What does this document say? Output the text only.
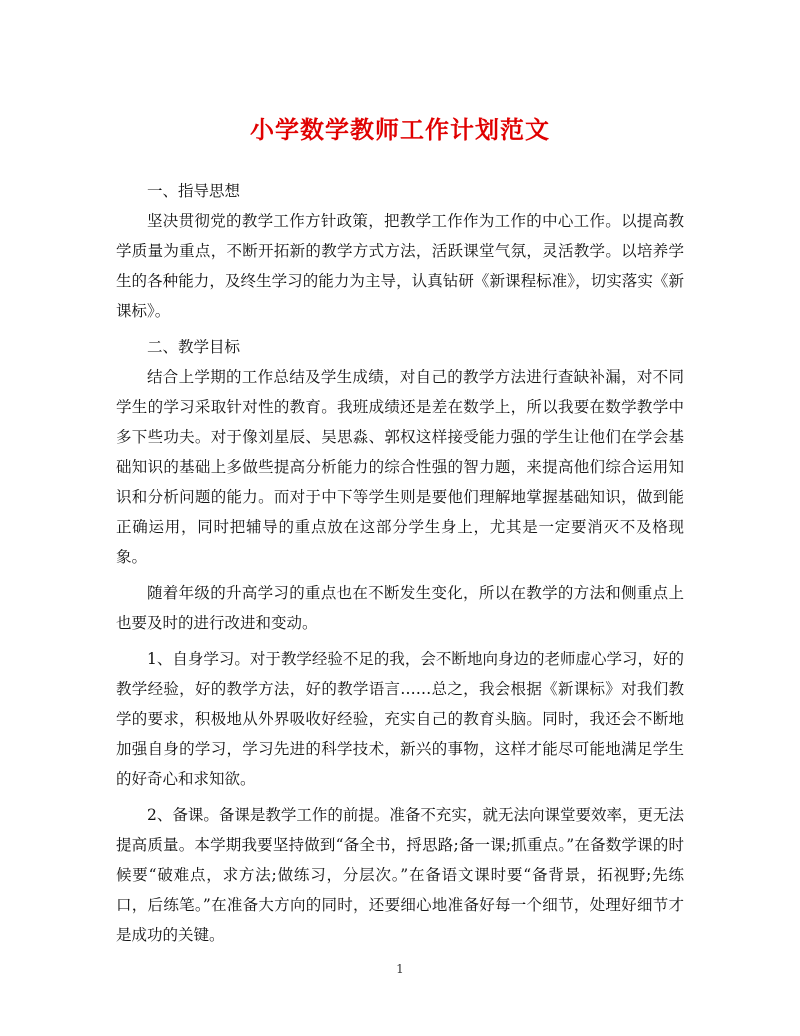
小学数学教师工作计划范文

一、指导思想

坚决贯彻党的教学工作方针政策，把教学工作作为工作的中心工作。以提高教学质量为重点，不断开拓新的教学方式方法，活跃课堂气氛，灵活教学。以培养学生的各种能力，及终生学习的能力为主导，认真钻研《新课程标准》，切实落实《新课标》。

二、教学目标

结合上学期的工作总结及学生成绩，对自己的教学方法进行查缺补漏，对不同学生的学习采取针对性的教育。我班成绩还是差在数学上，所以我要在数学教学中多下些功夫。对于像刘星辰、吴思淼、郭权这样接受能力强的学生让他们在学会基础知识的基础上多做些提高分析能力的综合性强的智力题，来提高他们综合运用知识和分析问题的能力。而对于中下等学生则是要他们理解地掌握基础知识，做到能正确运用，同时把辅导的重点放在这部分学生身上，尤其是一定要消灭不及格现象。

随着年级的升高学习的重点也在不断发生变化，所以在教学的方法和侧重点上也要及时的进行改进和变动。

1、自身学习。对于教学经验不足的我，会不断地向身边的老师虚心学习，好的教学经验，好的教学方法，好的教学语言……总之，我会根据《新课标》对我们教学的要求，积极地从外界吸收好经验，充实自己的教育头脑。同时，我还会不断地加强自身的学习，学习先进的科学技术，新兴的事物，这样才能尽可能地满足学生的好奇心和求知欲。

2、备课。备课是教学工作的前提。准备不充实，就无法向课堂要效率，更无法提高质量。本学期我要坚持做到“备全书，捋思路;备一课;抓重点。”在备数学课的时候要“破难点，求方法;做练习，分层次。”在备语文课时要“备背景，拓视野;先练口，后练笔。”在准备大方向的同时，还要细心地准备好每一个细节，处理好细节才是成功的关键。

1
